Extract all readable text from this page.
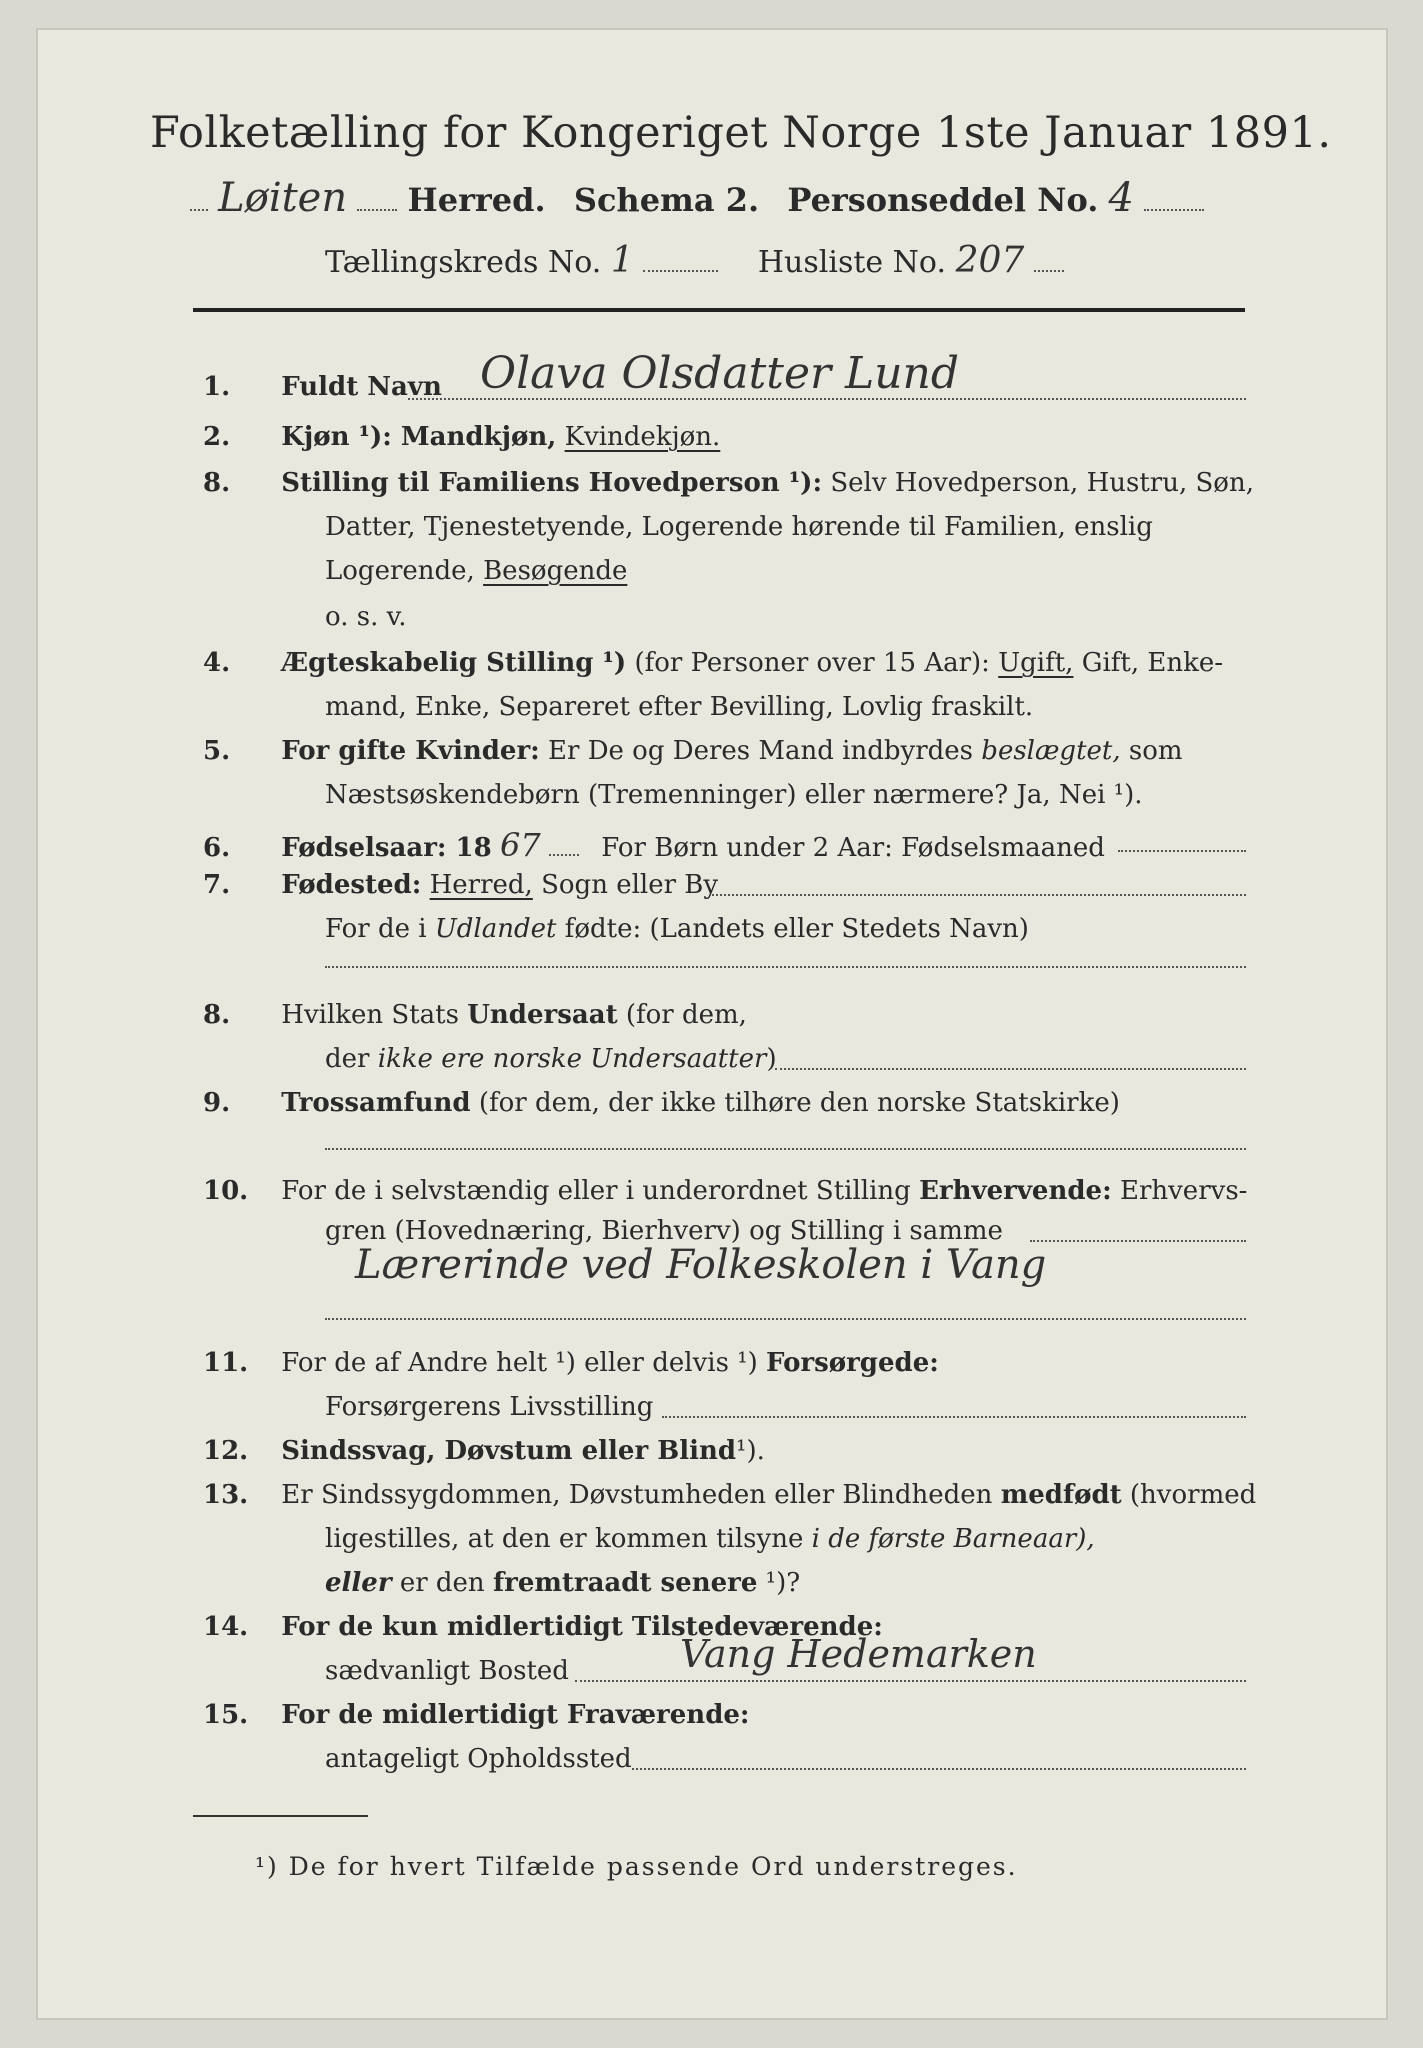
Folketælling for Kongeriget Norge 1ste Januar 1891.
Løiten Herred. Schema 2. Personseddel No. 4
Tællingskreds No. 1	Husliste No. 207
1. Fuldt Navn Olava Olsdatter Lund
2. Kjøn ¹): Mandkjøn, Kvindekjøn.
8. Stilling til Familiens Hovedperson ¹): Selv Hovedperson, Hustru, Søn,
Datter, Tjenestetyende, Logerende hørende til Familien, enslig
Logerende, Besøgende
o. s. v.
4. Ægteskabelig Stilling ¹) (for Personer over 15 Aar): Ugift, Gift, Enke-
mand, Enke, Separeret efter Bevilling, Lovlig fraskilt.
5. For gifte Kvinder: Er De og Deres Mand indbyrdes beslægtet, som
Næstsøskendebørn (Tremenninger) eller nærmere? Ja, Nei ¹).
6. Fødselsaar: 18 67 For Børn under 2 Aar: Fødselsmaaned
7. Fødested: Herred, Sogn eller By
For de i Udlandet fødte: (Landets eller Stedets Navn)
8. Hvilken Stats Undersaat (for dem,
der ikke ere norske Undersaatter)
9. Trossamfund (for dem, der ikke tilhøre den norske Statskirke)
10. For de i selvstændig eller i underordnet Stilling Erhvervende: Erhvervs-
gren (Hovednæring, Bierhverv) og Stilling i samme
Lærerinde ved Folkeskolen i Vang
11. For de af Andre helt ¹) eller delvis ¹) Forsørgede:
Forsørgerens Livsstilling
12. Sindssvag, Døvstum eller Blind¹).
13. Er Sindssygdommen, Døvstumheden eller Blindheden medfødt (hvormed
ligestilles, at den er kommen tilsyne i de første Barneaar),
eller er den fremtraadt senere ¹)?
14. For de kun midlertidigt Tilstedeværende:
sædvanligt Bosted	Vang Hedemarken
15. For de midlertidigt Fraværende:
antageligt Opholdssted
¹) De for hvert Tilfælde passende Ord understreges.
